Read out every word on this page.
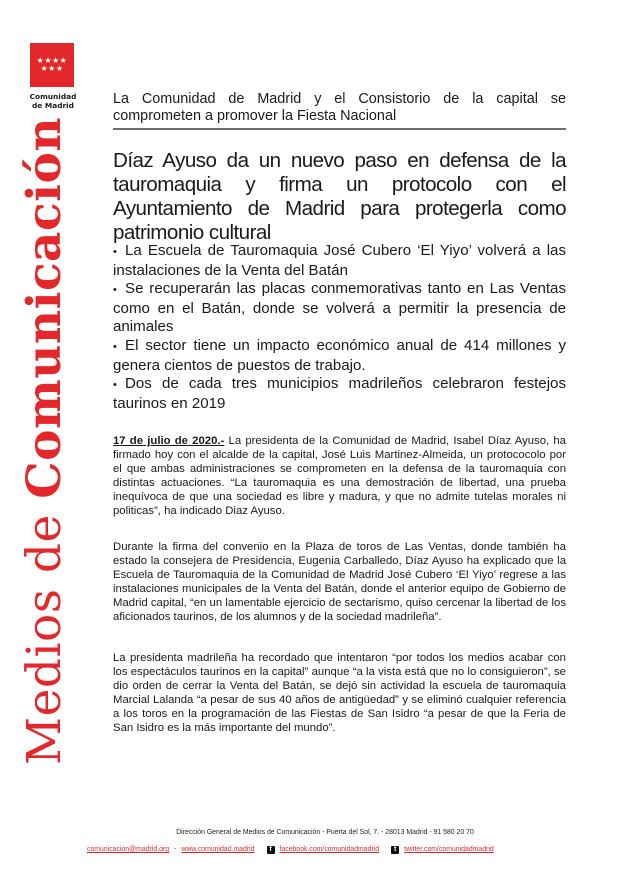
★★★★
★★★
Comunidad
de Madrid
Medios de Comunicación
La Comunidad de Madrid y el Consistorio de la capital se comprometen a promover la Fiesta Nacional
Díaz Ayuso da un nuevo paso en defensa de la tauromaquia y firma un protocolo con el Ayuntamiento de Madrid para protegerla como patrimonio cultural
• La Escuela de Tauromaquia José Cubero ‘El Yiyo’ volverá a las instalaciones de la Venta del Batán
• Se recuperarán las placas conmemorativas tanto en Las Ventas como en el Batán, donde se volverá a permitir la presencia de animales
• El sector tiene un impacto económico anual de 414 millones y genera cientos de puestos de trabajo.
• Dos de cada tres municipios madrileños celebraron festejos taurinos en 2019

17 de julio de 2020.- La presidenta de la Comunidad de Madrid, Isabel Díaz Ayuso, ha firmado hoy con el alcalde de la capital, José Luis Martinez-Almeida, un protococolo por el que ambas administraciones se comprometen en la defensa de la tauromaquia con distintas actuaciones. “La tauromaquia es una demostración de libertad, una prueba inequívoca de que una sociedad es libre y madura, y que no admite tutelas morales ni politicas”, ha indicado Diaz Ayuso.

Durante la firma del convenio en la Plaza de toros de Las Ventas, donde también ha estado la consejera de Presidencia, Eugenia Carballedo, Díaz Ayuso ha explicado que la Escuela de Tauromaquia de la Comunidad de Madrid José Cubero ‘El Yiyo’ regrese a las instalaciones municipales de la Venta del Batán, donde el anterior equipo de Gobierno de Madrid capital, “en un lamentable ejercicio de sectarismo, quiso cercenar la libertad de los aficionados taurinos, de los alumnos y de la sociedad madrileña”.

La presidenta madrileña ha recordado que intentaron “por todos los medios acabar con los espectáculos taurinos en la capital” aunque “a la vista está que no lo consiguieron”, se dio orden de cerrar la Venta del Batán, se dejó sin actividad la escuela de tauromaquia Marcial Lalanda “a pesar de sus 40 años de antigüedad” y se eliminó cualquier referencia a los toros en la programación de las Fiestas de San Isidro “a pesar de que la Feria de San Isidro es la más importante del mundo”.

Dirección General de Medios de Comunicación - Puerta del Sol, 7. - 28013 Madrid - 91 580 20 70
comunicacion@madrid.org - www.comunidad.madrid	f	facebook.com/comunidadmadrid	t	twitter.com/comunidadmadrid
